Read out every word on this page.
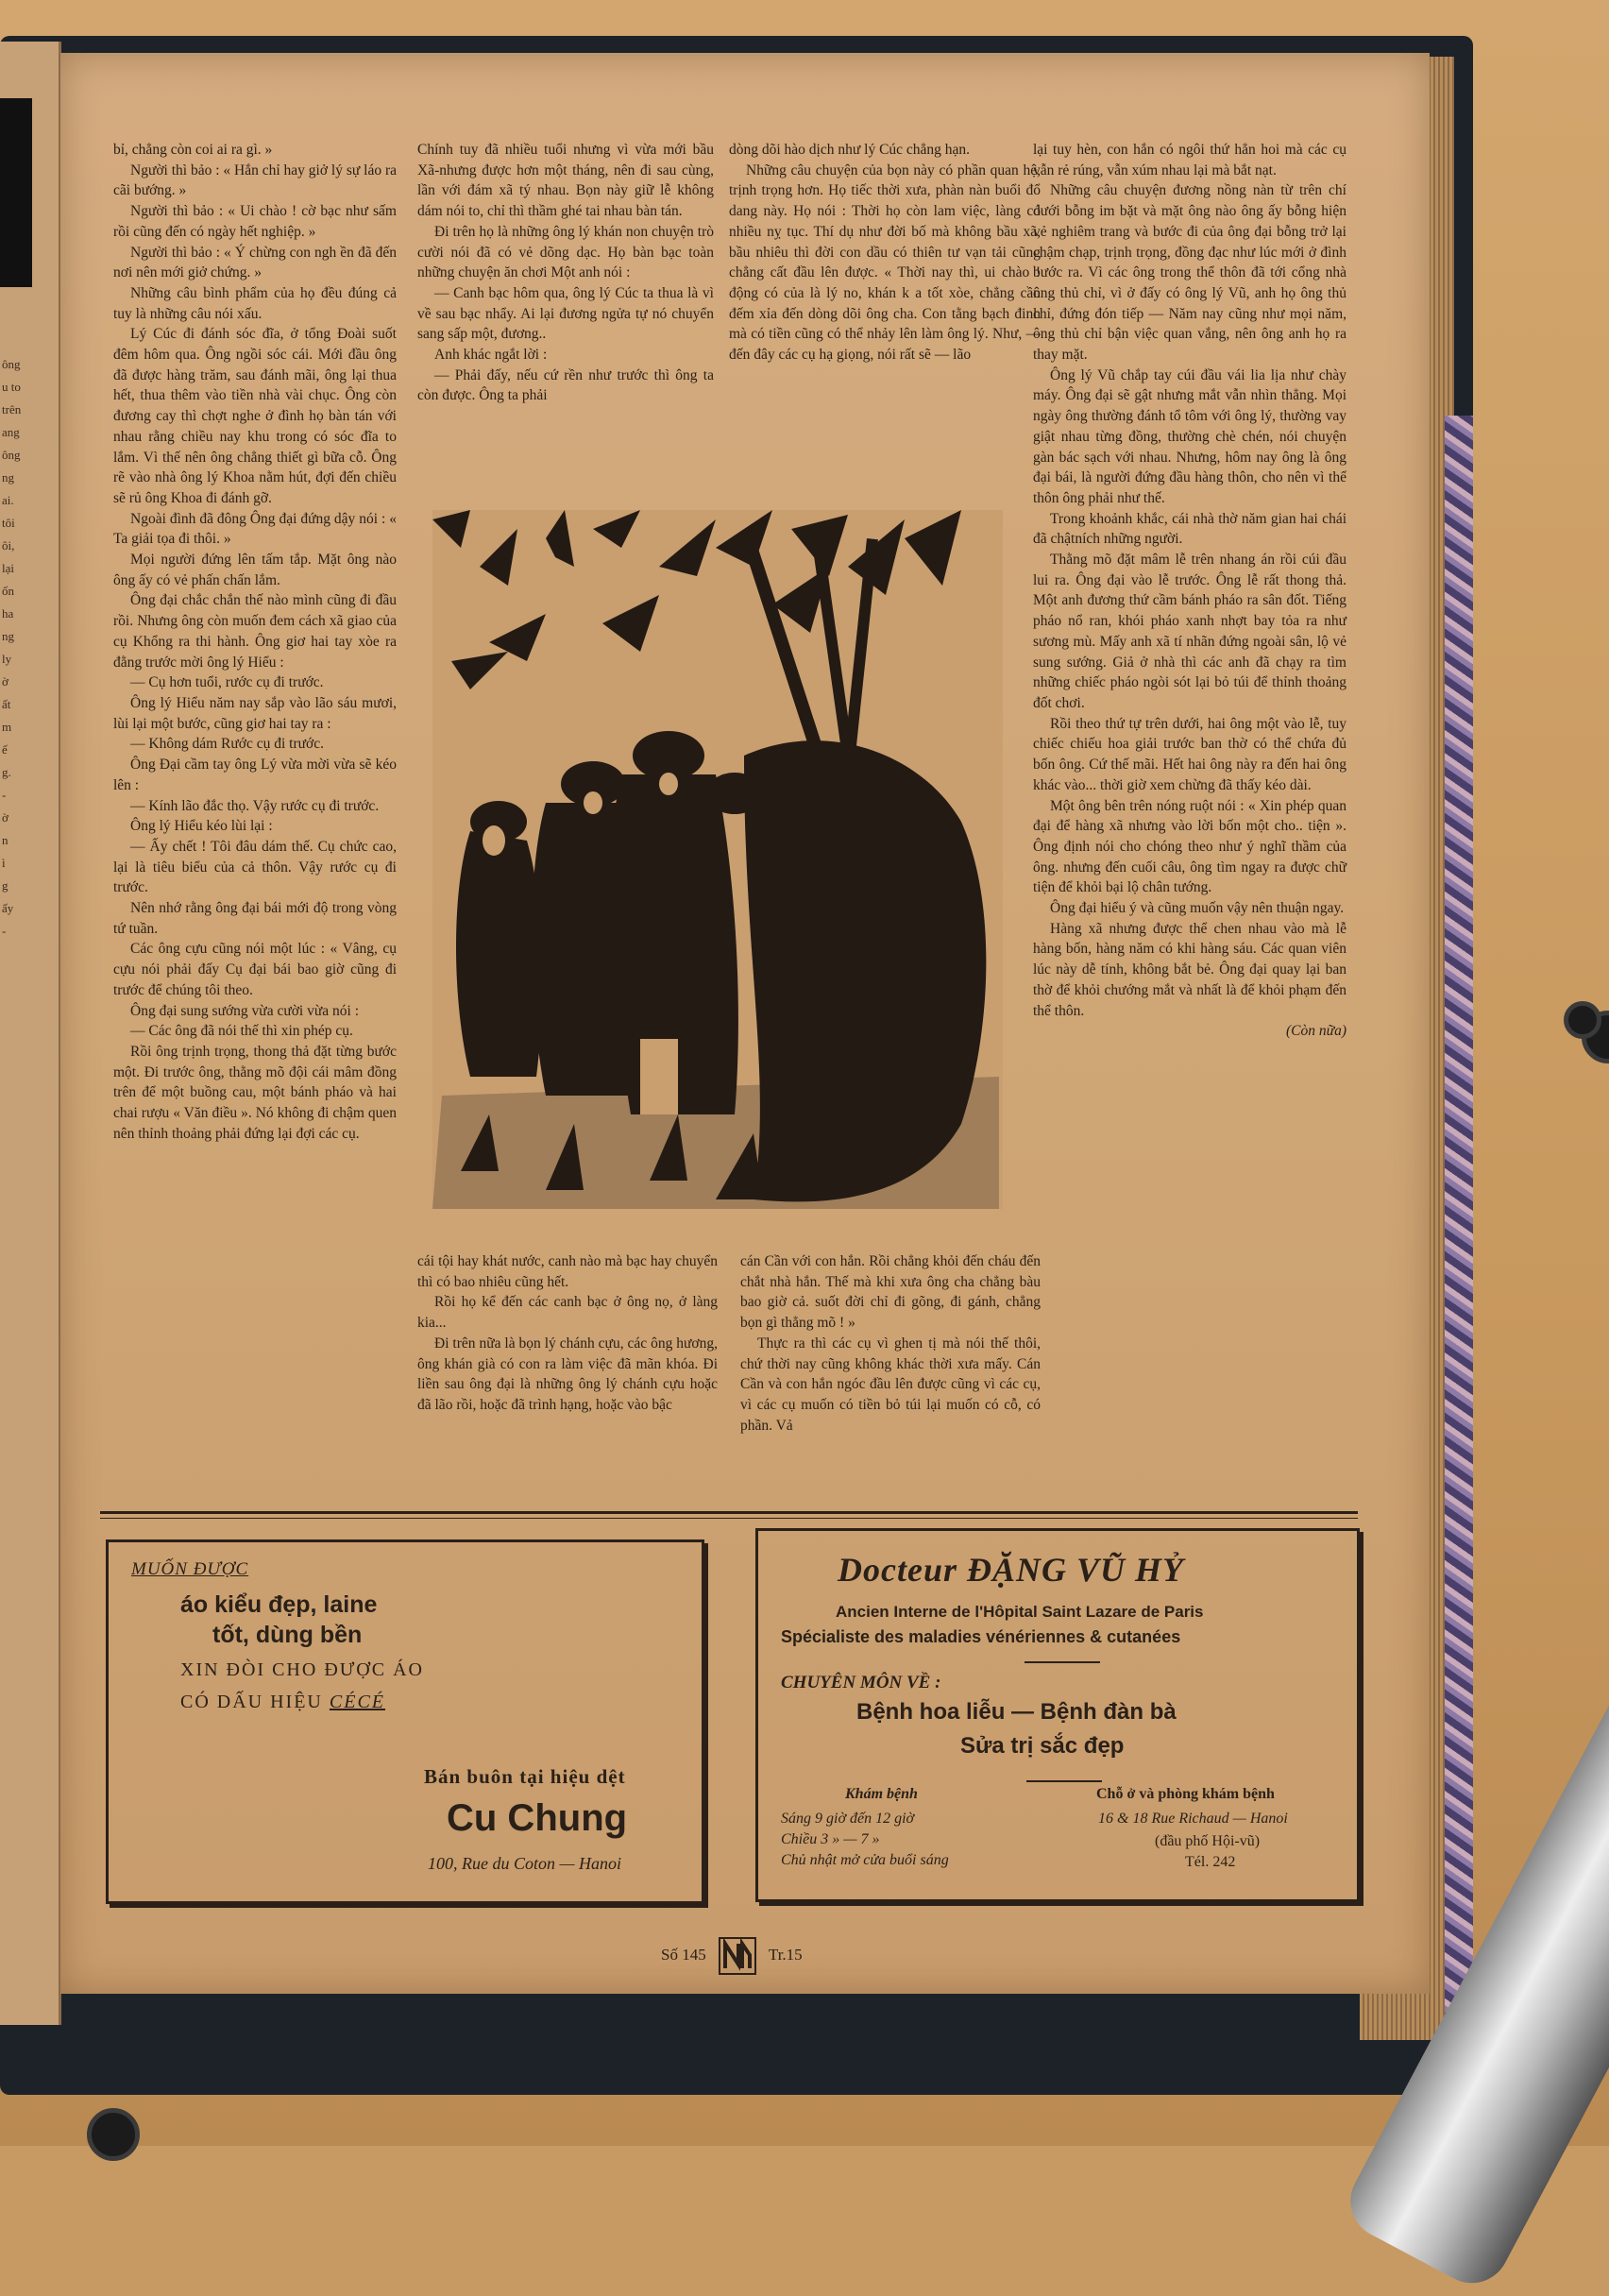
ông
u to
trên
ang
ông
ng
ai.
tôi
ôi,
lại
ốn
ha
ng
ly
ờ
ất
m
ế
g.
-
ờ
n
ì
g
ấy
-

bỉ, chẳng còn coi ai ra gì. »

Người thì bảo : « Hắn chỉ hay giở lý sự láo ra cãi bướng. »

Người thì bảo : « Ui chào ! cờ bạc như sấm rồi cũng đến có ngày hết nghiệp. »

Người thì bảo : « Ý chừng con ngh ền đã đến nơi nên mới giở chứng. »

Những câu bình phẩm của họ đều đúng cả tuy là những câu nói xấu.

Lý Cúc đi đánh sóc đĩa, ở tổng Đoài suốt đêm hôm qua. Ông ngồi sóc cái. Mới đầu ông đã được hàng trăm, sau đánh mãi, ông lại thua hết, thua thêm vào tiền nhà vài chục. Ông còn đương cay thì chợt nghe ở đình họ bàn tán với nhau rằng chiều nay khu trong có sóc đĩa to lắm. Vì thế nên ông chẳng thiết gì bữa cỗ. Ông rẽ vào nhà ông lý Khoa nằm hút, đợi đến chiều sẽ rủ ông Khoa đi đánh gỡ.

Ngoài đình đã đông Ông đại đứng dậy nói : « Ta giải tọa đi thôi. »

Mọi người đứng lên tấm tắp. Mặt ông nào ông ấy có vẻ phấn chấn lắm.

Ông đại chắc chắn thế nào mình cũng đi đầu rồi. Nhưng ông còn muốn đem cách xã giao của cụ Khổng ra thi hành. Ông giơ hai tay xòe ra đằng trước mời ông lý Hiểu :

— Cụ hơn tuổi, rước cụ đi trước.

Ông lý Hiểu năm nay sắp vào lão sáu mươi, lùi lại một bước, cũng giơ hai tay ra :

— Không dám Rước cụ đi trước.

Ông Đại cầm tay ông Lý vừa mời vừa sẽ kéo lên :

— Kính lão đắc thọ. Vậy rước cụ đi trước.

Ông lý Hiểu kéo lùi lại :

— Ấy chết ! Tôi đâu dám thế. Cụ chức cao, lại là tiêu biểu của cả thôn. Vậy rước cụ đi trước.

Nên nhớ rằng ông đại bái mới độ trong vòng tứ tuần.

Các ông cựu cũng nói một lúc : « Vâng, cụ cựu nói phải đấy Cụ đại bái bao giờ cũng đi trước để chúng tôi theo.

Ông đại sung sướng vừa cười vừa nói :

— Các ông đã nói thế thì xin phép cụ.

Rồi ông trịnh trọng, thong thả đặt từng bước một. Đi trước ông, thằng mõ đội cái mâm đồng trên để một buồng cau, một bánh pháo và hai chai rượu « Văn điều ». Nó không đi chậm quen nên thỉnh thoảng phải đứng lại đợi các cụ.

Chính tuy đã nhiều tuổi nhưng vì vừa mới bầu Xã-nhưng được hơn một tháng, nên đi sau cùng, lần với đám xã tý nhau. Bọn này giữ lễ không dám nói to, chỉ thì thầm ghé tai nhau bàn tán.

Đi trên họ là những ông lý khán non chuyện trò cười nói đã có vẻ dõng dạc. Họ bàn bạc toàn những chuyện ăn chơi Một anh nói :

— Canh bạc hôm qua, ông lý Cúc ta thua là vì về sau bạc nhẩy. Ai lại đương ngửa tự nó chuyển sang sấp một, đương..

Anh khác ngắt lời :

— Phải đấy, nếu cứ rền như trước thì ông ta còn được. Ông ta phải

dòng dõi hào dịch như lý Cúc chẳng hạn.

Những câu chuyện của bọn này có phần quan hệ, trịnh trọng hơn. Họ tiếc thời xưa, phàn nàn buổi đổ dang này. Họ nói : Thời họ còn lam việc, làng có nhiều nỵ tục. Thí dụ như đời bố mà không bầu xã, bầu nhiêu thì đời con dầu có thiên tư vạn tải cũng chẳng cất đầu lên được. « Thời nay thì, ui chào ! động có của là lý no, khán k a tốt xòe, chẳng cần đếm xỉa đến dòng dõi ông cha. Con tằng bạch đinh mà có tiền cũng có thể nhảy lên làm ông lý. Như, — đến đây các cụ hạ giọng, nói rất sẽ — lão

lại tuy hèn, con hắn có ngôi thứ hẳn hoi mà các cụ vẫn rẻ rúng, vẫn xúm nhau lại mà bắt nạt.

Những câu chuyện đương nồng nàn từ trên chí dưới bỗng im bặt và mặt ông nào ông ấy bỗng hiện vẻ nghiêm trang và bước đi của ông đại bỗng trở lại chậm chạp, trịnh trọng, đồng đạc như lúc mới ở đình bước ra. Vì các ông trong thể thôn đã tới cổng nhà ông thủ chỉ, vì ở đấy có ông lý Vũ, anh họ ông thủ chỉ, đứng đón tiếp — Năm nay cũng như mọi năm, ông thủ chỉ bận việc quan vắng, nên ông anh họ ra thay mặt.

Ông lý Vũ chắp tay cúi đầu vái lia lịa như chày máy. Ông đại sẽ gật nhưng mắt vẫn nhìn thẳng. Mọi ngày ông thường đánh tổ tôm với ông lý, thường vay giật nhau từng đồng, thường chè chén, nói chuyện gàn bác sạch với nhau. Nhưng, hôm nay ông là ông đại bái, là người đứng đầu hàng thôn, cho nên vì thể thôn ông phải như thế.

Trong khoảnh khắc, cái nhà thờ năm gian hai chái đã chậtních những người.

Thằng mõ đặt mâm lễ trên nhang án rồi cúi đầu lui ra. Ông đại vào lễ trước. Ông lễ rất thong thả. Một anh đương thứ cầm bánh pháo ra sân đốt. Tiếng pháo nổ ran, khói pháo xanh nhợt bay tỏa ra như sương mù. Mấy anh xã tí nhãn đứng ngoài sân, lộ vẻ sung sướng. Giả ở nhà thì các anh đã chạy ra tìm những chiếc pháo ngòi sót lại bỏ túi để thỉnh thoảng đốt chơi.

Rồi theo thứ tự trên dưới, hai ông một vào lễ, tuy chiếc chiếu hoa giải trước ban thờ có thể chứa đủ bốn ông. Cứ thế mãi. Hết hai ông này ra đến hai ông khác vào... thời giờ xem chừng đã thấy kéo dài.

Một ông bên trên nóng ruột nói : « Xin phép quan đại để hàng xã nhưng vào lời bốn một cho.. tiện ». Ông định nói cho chóng theo như ý nghĩ thầm của ông. nhưng đến cuối câu, ông tìm ngay ra được chữ tiện để khỏi bại lộ chân tướng.

Ông đại hiểu ý và cũng muốn vậy nên thuận ngay.

Hàng xã nhưng được thể chen nhau vào mà lễ hàng bốn, hàng năm có khi hàng sáu. Các quan viên lúc này dễ tính, không bắt bẻ. Ông đại quay lại ban thờ để khỏi chướng mắt và nhất là để khỏi phạm đến thể thôn.

(Còn nữa)

cái tội hay khát nước, canh nào mà bạc hay chuyển thì có bao nhiêu cũng hết.

Rồi họ kể đến các canh bạc ở ông nọ, ở làng kia...

Đi trên nữa là bọn lý chánh cựu, các ông hương, ông khán già có con ra làm việc đã mãn khóa. Đi liền sau ông đại là những ông lý chánh cựu hoặc đã lão rồi, hoặc đã trình hạng, hoặc vào bậc

cán Cần với con hắn. Rồi chẳng khỏi đến cháu đến chắt nhà hắn. Thế mà khi xưa ông cha chẳng bàu bao giờ cả. suốt đời chỉ đi gõng, đi gánh, chẳng bọn gì thẳng mõ ! »

Thực ra thì các cụ vì ghen tị mà nói thế thôi, chứ thời nay cũng không khác thời xưa mấy. Cán Cần và con hắn ngóc đầu lên được cũng vì các cụ, vì các cụ muốn có tiền bỏ túi lại muốn có cỗ, có phần. Vả

MUỐN ĐƯỢC
áo kiểu đẹp, laine
tốt, dùng bền
XIN ĐÒI CHO ĐƯỢC ÁO
CÓ DẤU HIỆU CÉCÉ
Bán buôn tại hiệu dệt
Cu Chung
100, Rue du Coton — Hanoi
Docteur ĐẶNG VŨ HỶ
Ancien Interne de l'Hôpital Saint Lazare de Paris
Spécialiste des maladies vénériennes & cutanées
CHUYÊN MÔN VỀ :
Bệnh hoa liễu — Bệnh đàn bà
Sửa trị sắc đẹp
Khám bệnh
Sáng 9 giờ đến 12 giờ
Chiều 3 » — 7 »
Chủ nhật mở cửa buổi sáng
Chỗ ở và phòng khám bệnh
16 & 18 Rue Richaud — Hanoi
(đầu phố Hội-vũ)
Tél. 242
Số 145	Tr.15
